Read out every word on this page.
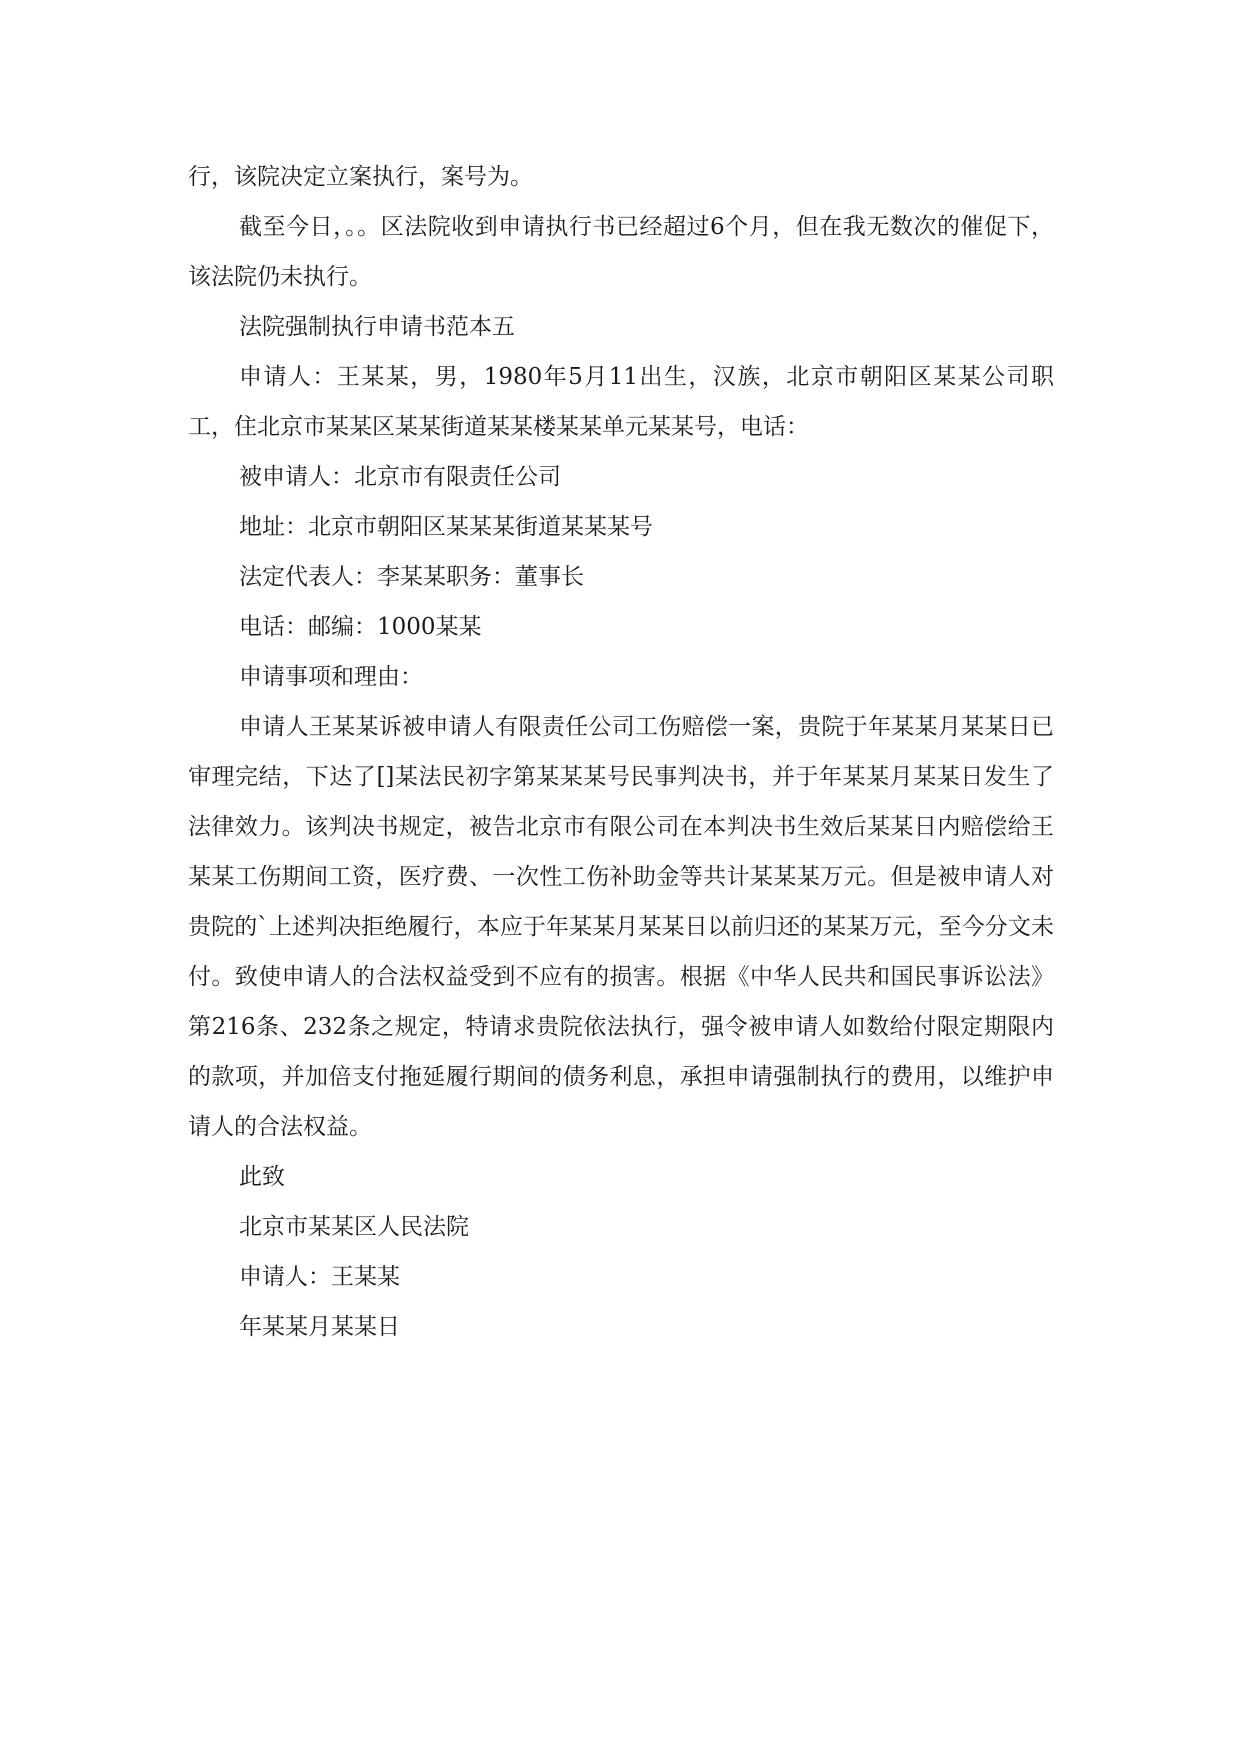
行，该院决定立案执行，案号为。

截至今日，。。区法院收到申请执行书已经超过6个月，但在我无数次的催促下，该法院仍未执行。

法院强制执行申请书范本五

申请人：王某某，男，1980年5月11出生，汉族，北京市朝阳区某某公司职工，住北京市某某区某某街道某某楼某某单元某某号，电话：

被申请人：北京市有限责任公司

地址：北京市朝阳区某某某街道某某某号

法定代表人：李某某职务：董事长

电话：邮编：1000某某

申请事项和理由：

申请人王某某诉被申请人有限责任公司工伤赔偿一案，贵院于年某某月某某日已审理完结，下达了[]某法民初字第某某某号民事判决书，并于年某某月某某日发生了法律效力。该判决书规定，被告北京市有限公司在本判决书生效后某某日内赔偿给王某某工伤期间工资，医疗费、一次性工伤补助金等共计某某某万元。但是被申请人对贵院的`上述判决拒绝履行，本应于年某某月某某日以前归还的某某万元，至今分文未付。致使申请人的合法权益受到不应有的损害。根据《中华人民共和国民事诉讼法》第216条、232条之规定，特请求贵院依法执行，强令被申请人如数给付限定期限内的款项，并加倍支付拖延履行期间的债务利息，承担申请强制执行的费用，以维护申请人的合法权益。

此致

北京市某某区人民法院

申请人：王某某

年某某月某某日
